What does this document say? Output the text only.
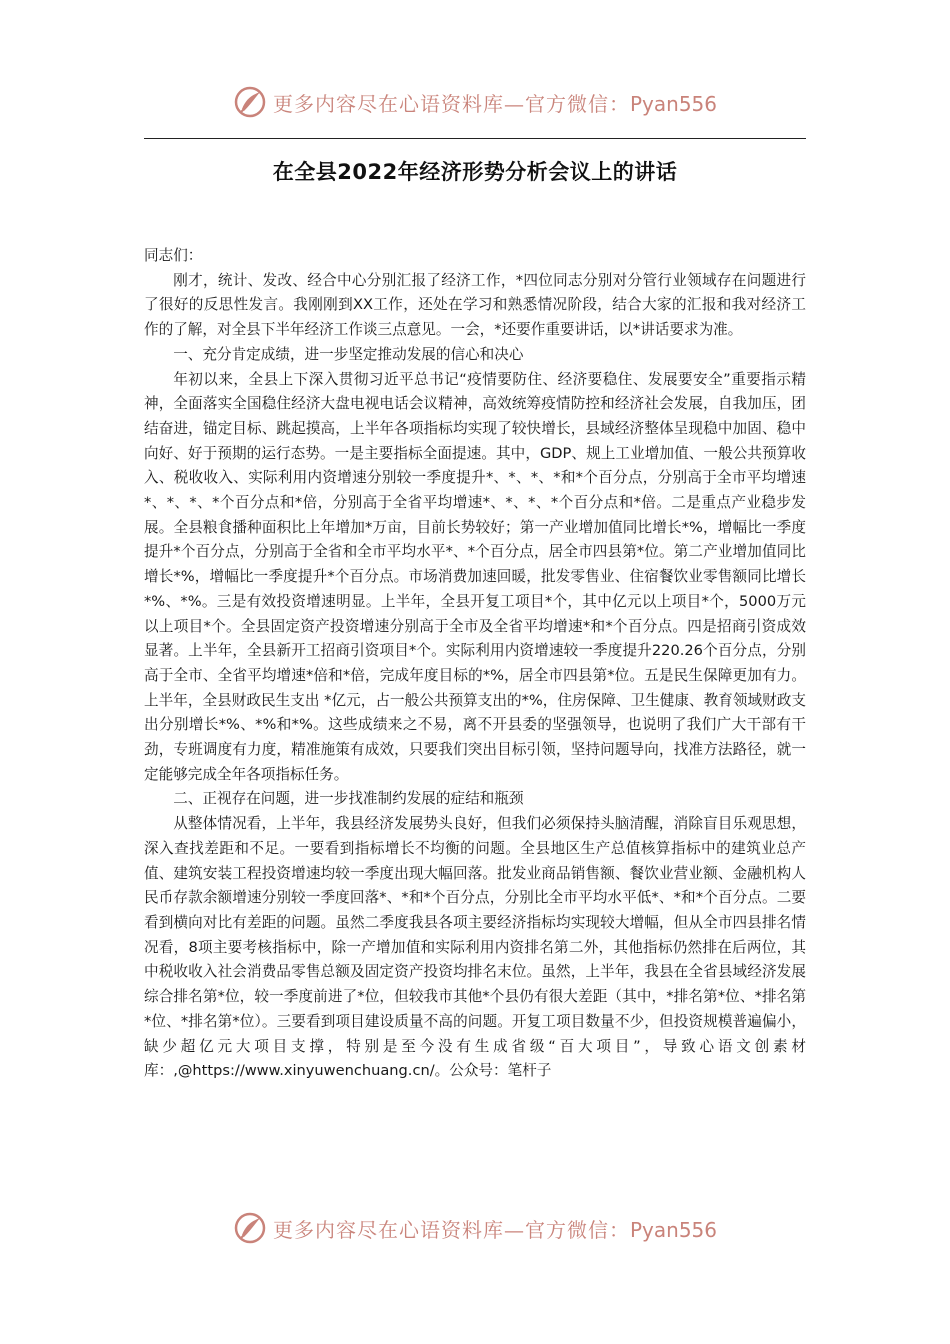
更多内容尽在心语资料库—官方微信：Pyan556
在全县2022年经济形势分析会议上的讲话

同志们：

刚才，统计、发改、经合中心分别汇报了经济工作，*四位同志分别对分管行业领域存在问题进行了很好的反思性发言。我刚刚到XX工作，还处在学习和熟悉情况阶段，结合大家的汇报和我对经济工作的了解，对全县下半年经济工作谈三点意见。一会，*还要作重要讲话，以*讲话要求为准。

一、充分肯定成绩，进一步坚定推动发展的信心和决心

年初以来，全县上下深入贯彻习近平总书记“疫情要防住、经济要稳住、发展要安全”重要指示精神，全面落实全国稳住经济大盘电视电话会议精神，高效统筹疫情防控和经济社会发展，自我加压，团结奋进，锚定目标、跳起摸高，上半年各项指标均实现了较快增长，县域经济整体呈现稳中加固、稳中向好、好于预期的运行态势。一是主要指标全面提速。其中，GDP、规上工业增加值、一般公共预算收入、税收收入、实际利用内资增速分别较一季度提升*、*、*、*和*个百分点，分别高于全市平均增速*、*、*、*个百分点和*倍，分别高于全省平均增速*、*、*、*个百分点和*倍。二是重点产业稳步发展。全县粮食播种面积比上年增加*万亩，目前长势较好；第一产业增加值同比增长*%，增幅比一季度提升*个百分点，分别高于全省和全市平均水平*、*个百分点，居全市四县第*位。第二产业增加值同比增长*%，增幅比一季度提升*个百分点。市场消费加速回暖，批发零售业、住宿餐饮业零售额同比增长*%、*%。三是有效投资增速明显。上半年，全县开复工项目*个，其中亿元以上项目*个，5000万元以上项目*个。全县固定资产投资增速分别高于全市及全省平均增速*和*个百分点。四是招商引资成效显著。上半年，全县新开工招商引资项目*个。实际利用内资增速较一季度提升220.26个百分点，分别高于全市、全省平均增速*倍和*倍，完成年度目标的*%，居全市四县第*位。五是民生保障更加有力。上半年，全县财政民生支出 *亿元，占一般公共预算支出的*%，住房保障、卫生健康、教育领域财政支出分别增长*%、*%和*%。这些成绩来之不易，离不开县委的坚强领导，也说明了我们广大干部有干劲，专班调度有力度，精准施策有成效，只要我们突出目标引领，坚持问题导向，找准方法路径，就一定能够完成全年各项指标任务。

二、正视存在问题，进一步找准制约发展的症结和瓶颈

从整体情况看，上半年，我县经济发展势头良好，但我们必须保持头脑清醒，消除盲目乐观思想，深入查找差距和不足。一要看到指标增长不均衡的问题。全县地区生产总值核算指标中的建筑业总产值、建筑安装工程投资增速均较一季度出现大幅回落。批发业商品销售额、餐饮业营业额、金融机构人民币存款余额增速分别较一季度回落*、*和*个百分点，分别比全市平均水平低*、*和*个百分点。二要看到横向对比有差距的问题。虽然二季度我县各项主要经济指标均实现较大增幅，但从全市四县排名情况看，8项主要考核指标中，除一产增加值和实际利用内资排名第二外，其他指标仍然排在后两位，其中税收收入社会消费品零售总额及固定资产投资均排名末位。虽然，上半年，我县在全省县域经济发展综合排名第*位，较一季度前进了*位，但较我市其他*个县仍有很大差距（其中，*排名第*位、*排名第*位、*排名第*位）。三要看到项目建设质量不高的问题。开复工项目数量不少，但投资规模普遍偏小，缺少超亿元大项目支撑，特别是至今没有生成省级“百大项目”，导致心语文创素材库：,@https://www.xinyuwenchuang.cn/。公众号：笔杆子

更多内容尽在心语资料库—官方微信：Pyan556
